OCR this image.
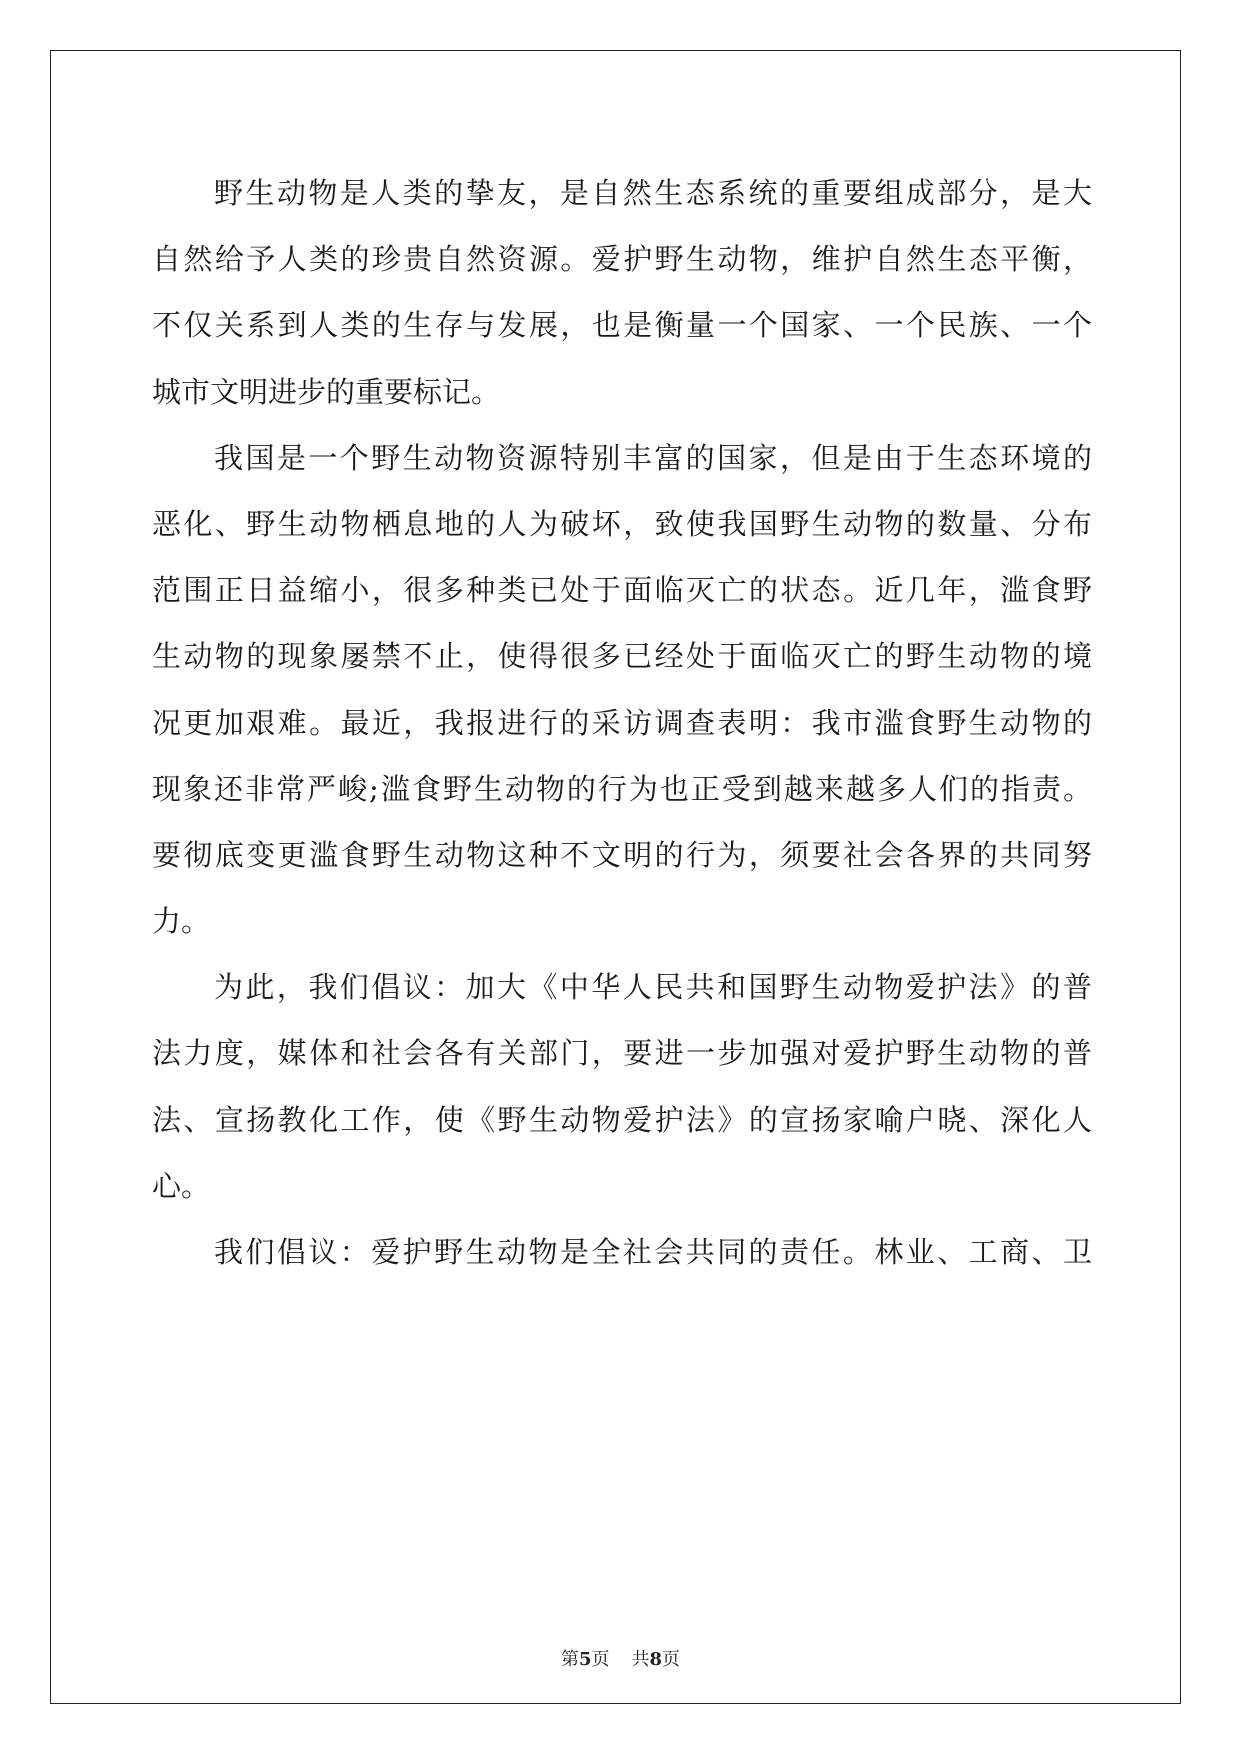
野生动物是人类的挚友，是自然生态系统的重要组成部分，是大
自然给予人类的珍贵自然资源。爱护野生动物，维护自然生态平衡，
不仅关系到人类的生存与发展，也是衡量一个国家、一个民族、一个
城市文明进步的重要标记。
我国是一个野生动物资源特别丰富的国家，但是由于生态环境的
恶化、野生动物栖息地的人为破坏，致使我国野生动物的数量、分布
范围正日益缩小，很多种类已处于面临灭亡的状态。近几年，滥食野
生动物的现象屡禁不止，使得很多已经处于面临灭亡的野生动物的境
况更加艰难。最近，我报进行的采访调查表明：我市滥食野生动物的
现象还非常严峻;滥食野生动物的行为也正受到越来越多人们的指责。
要彻底变更滥食野生动物这种不文明的行为，须要社会各界的共同努
力。
为此，我们倡议：加大《中华人民共和国野生动物爱护法》的普
法力度，媒体和社会各有关部门，要进一步加强对爱护野生动物的普
法、宣扬教化工作，使《野生动物爱护法》的宣扬家喻户晓、深化人
心。
我们倡议：爱护野生动物是全社会共同的责任。林业、工商、卫
第5页 共8页
